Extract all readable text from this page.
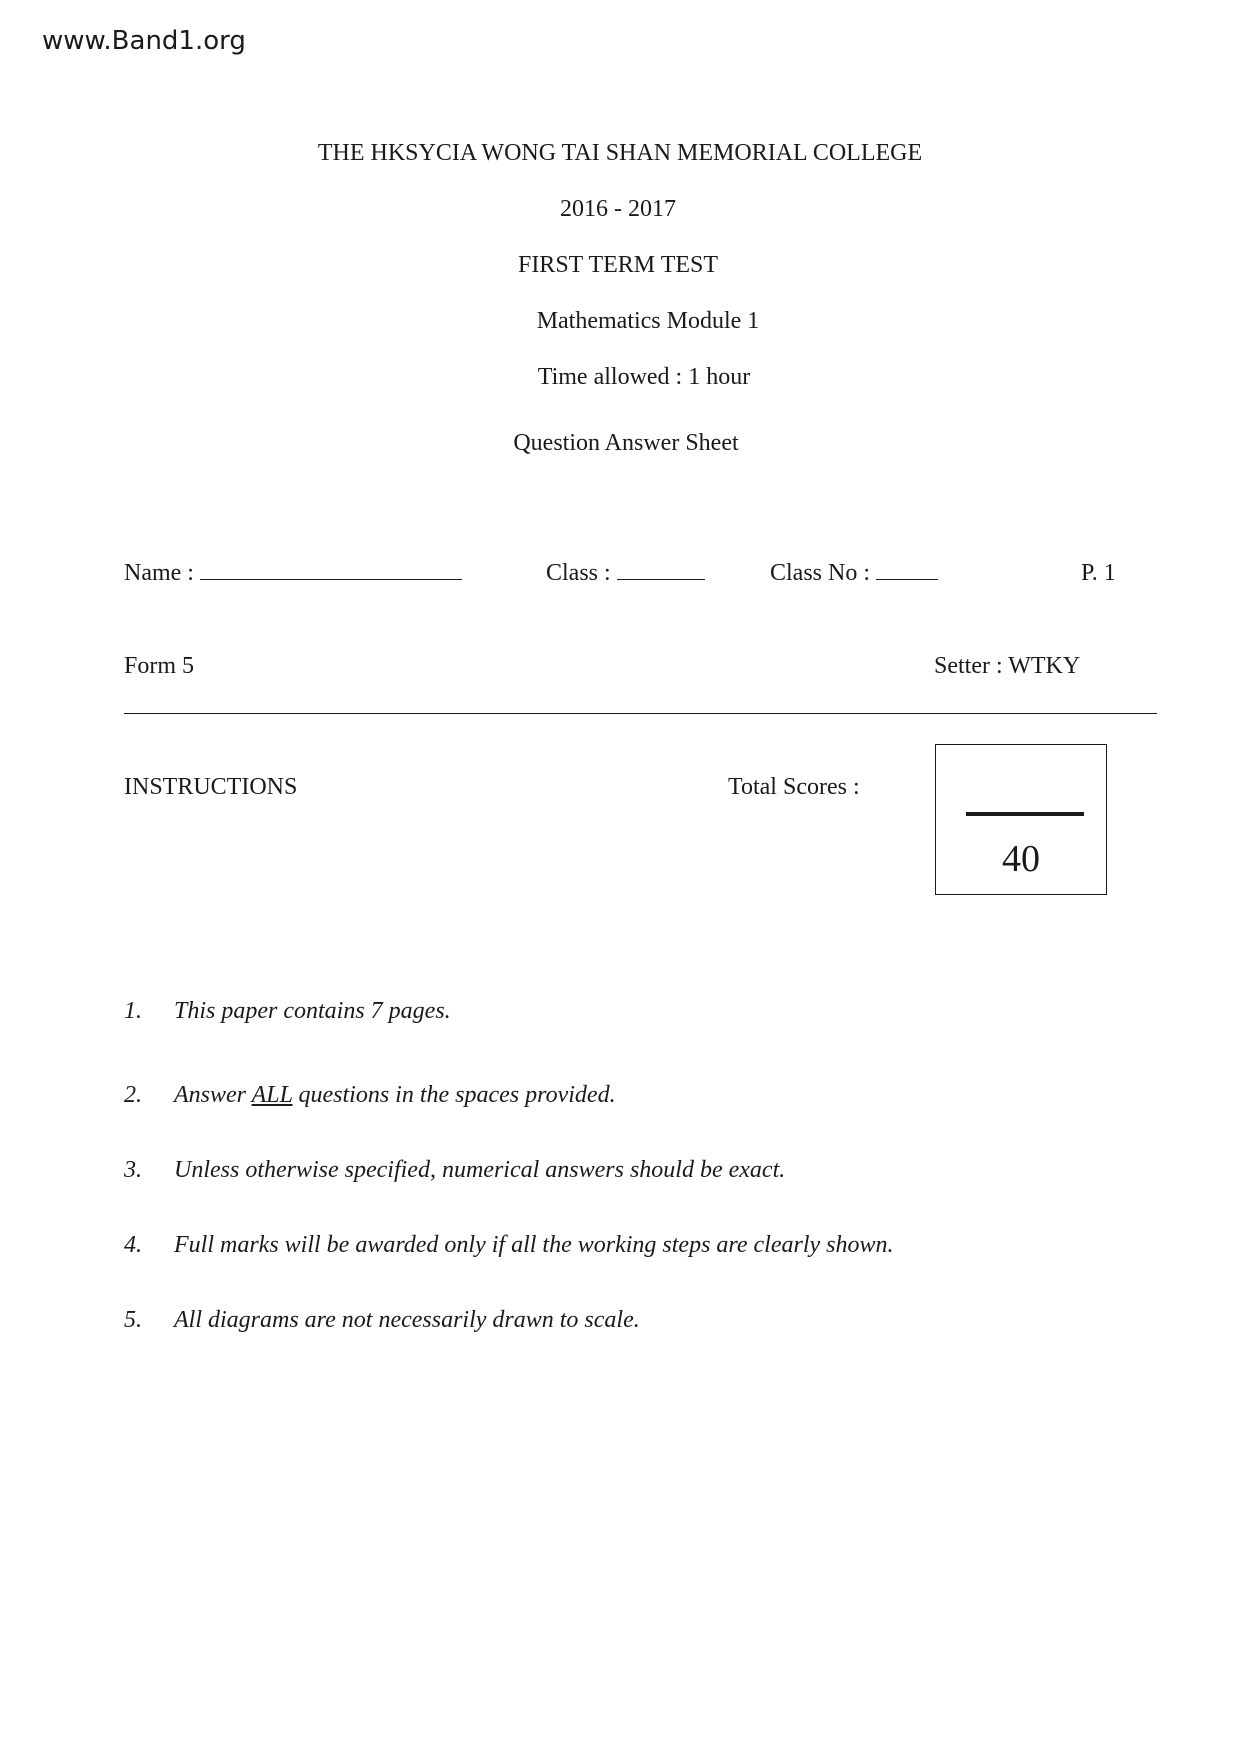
www.Band1.org
THE HKSYCIA WONG TAI SHAN MEMORIAL COLLEGE
2016 - 2017
FIRST TERM TEST
Mathematics Module 1
Time allowed : 1 hour
Question Answer Sheet
Name :	Class :	Class No :	P. 1
Form 5	Setter : WTKY
INSTRUCTIONS	Total Scores :
40
1. This paper contains 7 pages.
2. Answer ALL questions in the spaces provided.
3. Unless otherwise specified, numerical answers should be exact.
4. Full marks will be awarded only if all the working steps are clearly shown.
5. All diagrams are not necessarily drawn to scale.
